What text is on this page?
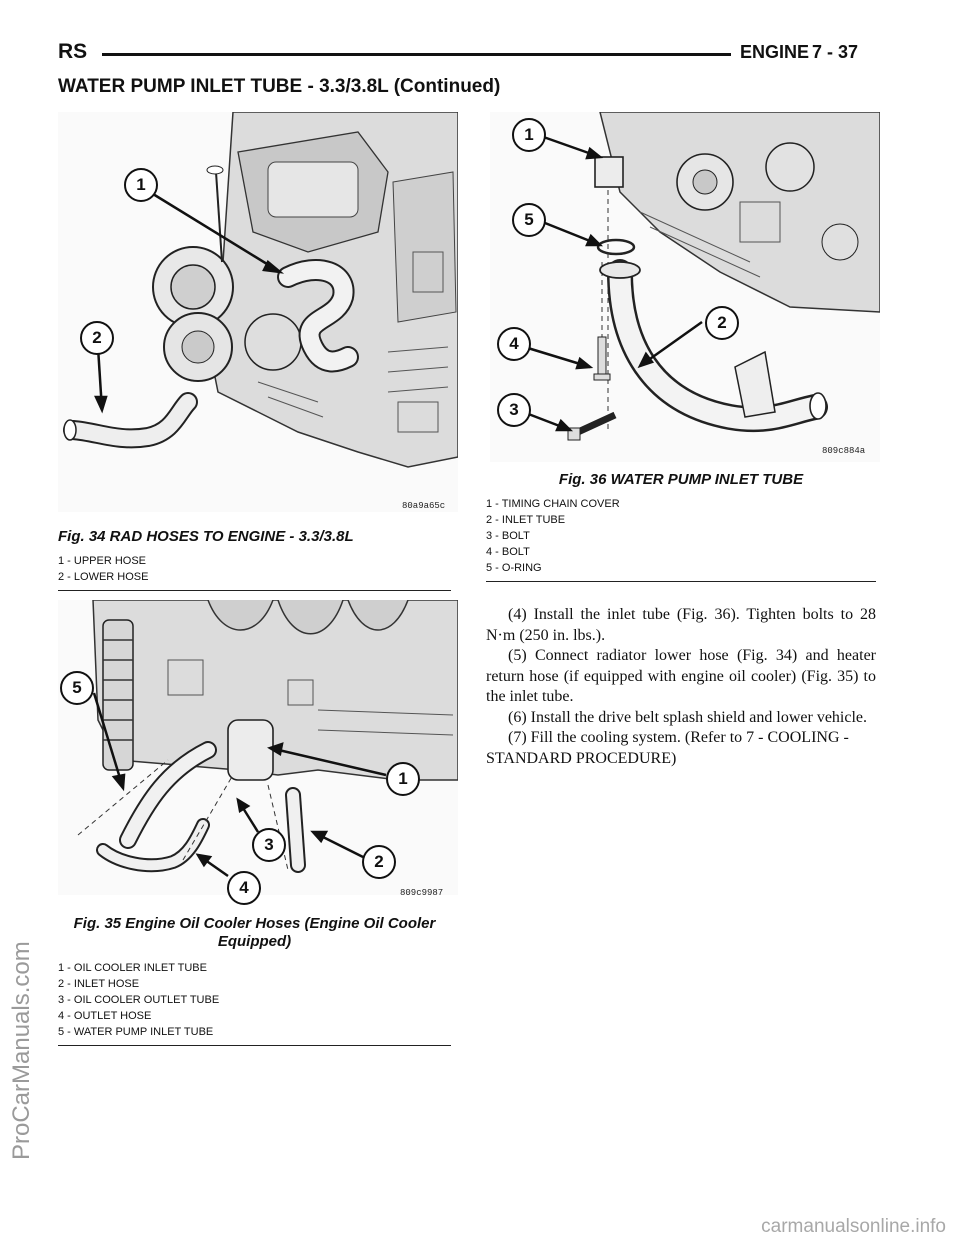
RS	ENGINE 7 - 37
WATER PUMP INLET TUBE - 3.3/3.8L (Continued)
1
2
80a9a65c
Fig. 34 RAD HOSES TO ENGINE - 3.3/3.8L
1 - UPPER HOSE
2 - LOWER HOSE
5
1
3
2
4	809c9987
Fig. 35 Engine Oil Cooler Hoses (Engine Oil Cooler
Equipped)
1 - OIL COOLER INLET TUBE
2 - INLET HOSE
3 - OIL COOLER OUTLET TUBE
4 - OUTLET HOSE
5 - WATER PUMP INLET TUBE
1
5
2
4
3
809c884a
Fig. 36 WATER PUMP INLET TUBE
1 - TIMING CHAIN COVER
2 - INLET TUBE
3 - BOLT
4 - BOLT
5 - O-RING

(4) Install the inlet tube (Fig. 36). Tighten bolts to 28 N·m (250 in. lbs.).

(5) Connect radiator lower hose (Fig. 34) and heater return hose (if equipped with engine oil cooler) (Fig. 35) to the inlet tube.

(6) Install the drive belt splash shield and lower vehicle.

(7) Fill the cooling system. (Refer to 7 - COOLING - STANDARD PROCEDURE)

ProCarManuals.com
carmanualsonline.info
